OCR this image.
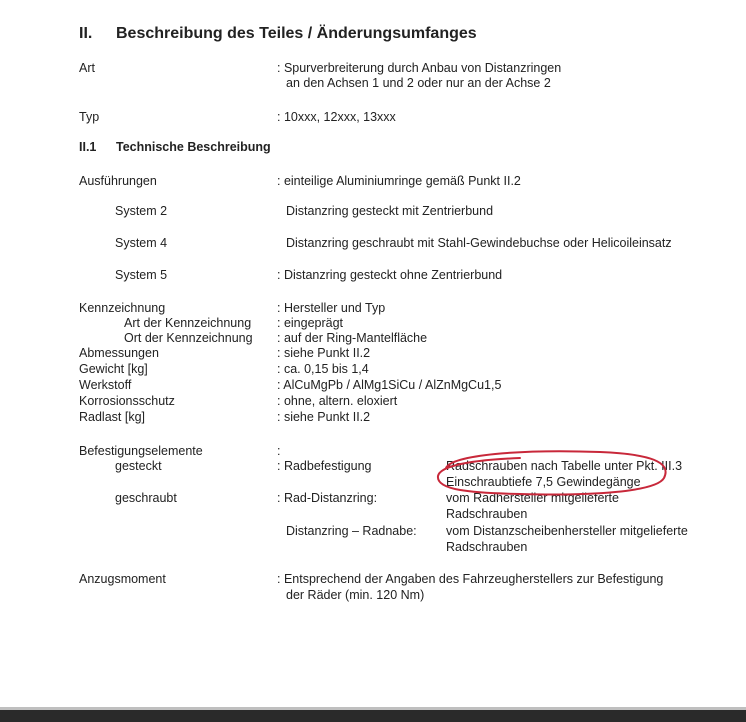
II. Beschreibung des Teiles / Änderungsumfanges
Art	: Spurverbreiterung durch Anbau von Distanzringen
an den Achsen 1 und 2 oder nur an der Achse 2
Typ	: 10xxx, 12xxx, 13xxx
II.1 Technische Beschreibung
Ausführungen	: einteilige Aluminiumringe gemäß Punkt II.2
System 2	Distanzring gesteckt mit Zentrierbund
System 4	Distanzring geschraubt mit Stahl-Gewindebuchse oder Helicoileinsatz
System 5	: Distanzring gesteckt ohne Zentrierbund
Kennzeichnung	: Hersteller und Typ
Art der Kennzeichnung : eingeprägt
Ort der Kennzeichnung : auf der Ring-Mantelfläche
Abmessungen	: siehe Punkt II.2
Gewicht [kg]	: ca. 0,15 bis 1,4
Werkstoff	: AlCuMgPb / AlMg1SiCu / AlZnMgCu1,5
Korrosionsschutz	: ohne, altern. eloxiert
Radlast [kg]	: siehe Punkt II.2
Befestigungselemente	:
gesteckt	: Radbefestigung	Radschrauben nach Tabelle unter Pkt. III.3
Einschraubtiefe 7,5 Gewindegänge
geschraubt	: Rad-Distanzring:	vom Radhersteller mitgelieferte
Radschrauben
Distanzring – Radnabe: vom Distanzscheibenhersteller mitgelieferte
Radschrauben
Anzugsmoment	: Entsprechend der Angaben des Fahrzeugherstellers zur Befestigung
der Räder (min. 120 Nm)
